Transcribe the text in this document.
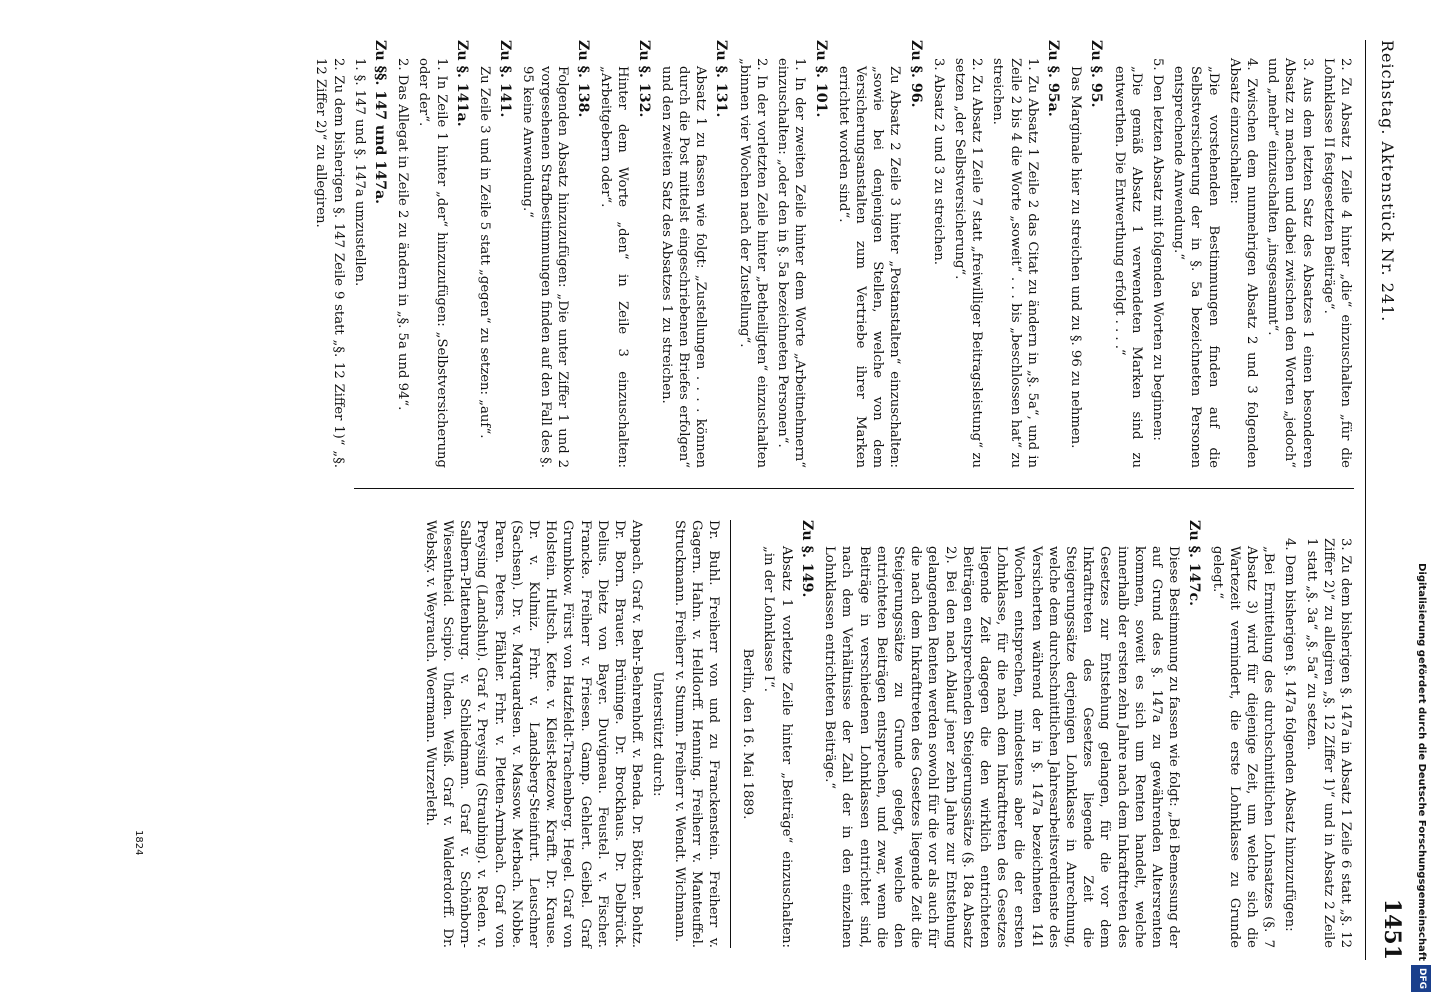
Digitalisierung gefördert durch die Deutsche Forschungsgemeinschaft
DFG
Reichstag. Aktenstück Nr. 241.
1451
2. Zu Absatz 1 Zeile 4 hinter „die“ einzuschalten „für die Lohnklasse II festgesetzten Beiträge“.
3. Aus dem letzten Satz des Absatzes 1 einen besonderen Absatz zu machen und dabei zwischen den Worten „jedoch“ und „mehr“ einzuschalten „insgesammt“.
4. Zwischen dem nunmehrigen Absatz 2 und 3 folgenden Absatz einzuschalten:
„Die vorstehenden Bestimmungen finden auf die Selbstversicherung der in §. 5a bezeichneten Personen entsprechende Anwendung.“
5. Den letzten Absatz mit folgenden Worten zu beginnen:
„Die gemäß Absatz 1 verwendeten Marken sind zu entwerthen. Die Entwerthung erfolgt . . . .“
Zu §. 95.
Das Marginale hier zu streichen und zu §. 96 zu nehmen.
Zu §. 95a.
1. Zu Absatz 1 Zeile 2 das Citat zu ändern in „§. 5a“, und in Zeile 2 bis 4 die Worte „soweit“ . . . bis „beschlossen hat“ zu streichen.
2. Zu Absatz 1 Zeile 7 statt „freiwilliger Beitragsleistung“ zu setzen „der Selbstversicherung“.
3. Absatz 2 und 3 zu streichen.
Zu §. 96.
Zu Absatz 2 Zeile 3 hinter „Postanstalten“ einzuschalten: „sowie bei denjenigen Stellen, welche von dem Versicherungsanstalten zum Vertriebe ihrer Marken errichtet worden sind“.
Zu §. 101.
1. In der zweiten Zeile hinter dem Worte „Arbeitnehmern“ einzuschalten: „oder den in §. 5a bezeichneten Personen“.
2. In der vorletzten Zeile hinter „Betheiligten“ einzuschalten „binnen vier Wochen nach der Zustellung“.
Zu §. 131.
Absatz 1 zu fassen wie folgt: „Zustellungen . . . . können durch die Post mittelst eingeschriebenen Briefes erfolgen“ und den zweiten Satz des Absatzes 1 zu streichen.
Zu §. 132.
Hinter dem Worte „den“ in Zeile 3 einzuschalten: „Arbeitgebern oder“.
Zu §. 138.
Folgenden Absatz hinzuzufügen: „Die unter Ziffer 1 und 2 vorgesehenen Strafbestimmungen finden auf den Fall des §. 95 keine Anwendung.“
Zu §. 141.
Zu Zeile 3 und in Zeile 5 statt „gegen“ zu setzen: „auf“.
Zu §. 141a.
1. In Zeile 1 hinter „der“ hinzuzufügen: „Selbstversicherung oder der“.
2. Das Allegat in Zeile 2 zu ändern in „§. 5a und 94“.
Zu §§. 147 und 147a.
1. §. 147 und §. 147a umzustellen.
2. Zu dem bisherigen §. 147 Zeile 9 statt „§. 12 Ziffer 1)“ „§. 12 Ziffer 2)“ zu allegiren.
3. Zu dem bisherigen §. 147a in Absatz 1 Zeile 6 statt „§. 12 Ziffer 2)“ zu allegiren „§. 12 Ziffer 1)“ und in Absatz 2 Zeile 1 statt „§. 3a“ „§. 5a“ zu setzen.
4. Dem bisherigen §. 147a folgenden Absatz hinzuzufügen:
„Bei Ermittelung des durchschnittlichen Lohnsatzes (§. 7 Absatz 3) wird für diejenige Zeit, um welche sich die Wartezeit vermindert, die erste Lohnklasse zu Grunde gelegt.“
Zu §. 147c.
Diese Bestimmung zu fassen wie folgt: „Bei Bemessung der auf Grund des §. 147a zu gewährenden Altersrenten kommen, soweit es sich um Renten handelt, welche innerhalb der ersten zehn Jahre nach dem Inkrafttreten des Gesetzes zur Entstehung gelangen, für die vor dem Inkrafttreten des Gesetzes liegende Zeit die Steigerungssätze derjenigen Lohnklasse in Anrechnung, welche dem durchschnittlichen Jahresarbeitsverdienste des Versicherten während der in §. 147a bezeichneten 141 Wochen entsprechen, mindestens aber die der ersten Lohnklasse, für die nach dem Inkrafttreten des Gesetzes liegende Zeit dagegen die den wirklich entrichteten Beiträgen entsprechenden Steigerungssätze (§. 18a Absatz 2). Bei den nach Ablauf jener zehn Jahre zur Entstehung gelangenden Renten werden sowohl für die vor als auch für die nach dem Inkrafttreten des Gesetzes liegende Zeit die Steigerungssätze zu Grunde gelegt, welche den entrichteten Beiträgen entsprechen, und zwar, wenn die Beiträge in verschiedenen Lohnklassen entrichtet sind, nach dem Verhältnisse der Zahl der in den einzelnen Lohnklassen entrichteten Beiträge.“
Zu §. 149.
Absatz 1 vorletzte Zeile hinter „Beiträge“ einzuschalten: „in der Lohnklasse I“.
Berlin, den 16. Mai 1889.
Dr. Buhl. Freiherr von und zu Franckenstein. Freiherr v. Gagern. Hahn. v. Helldorff. Henning. Freiherr v. Manteuffel. Struckmann. Freiherr v. Stumm. Freiherr v. Wendt. Wichmann.
Unterstützt durch:
Anpach. Graf v. Behr-Behrenhoff. v. Benda. Dr. Böttcher. Bohtz. Dr. Born. Brauer. Brüninge. Dr. Brockhaus. Dr. Delbrück. Delius. Dietz von Bayer. Duvigneau. Feustel. v. Fischer. Francke. Freiherr v. Friesen. Gamp. Gehlert. Geibel. Graf Grumbkow. Fürst von Hatzfeldt-Trachenberg. Hegel. Graf von Holstein. Hultsch. Kette. v. Kleist-Retzow. Krafft. Dr. Krause. Dr. v. Kulmiz. Frhr. v. Landsberg-Steinfurt. Leuschner (Sachsen). Dr. v. Marquardsen. v. Massow. Merbach. Nobbe. Paren. Peters. Pfähler. Frhr. v. Pletten-Armbach. Graf von Preysing (Landshut). Graf v. Preysing (Straubing). v. Reden. v. Salbern-Plattenburg. v. Schliedmann. Graf v. Schönborn-Wiesentheid. Scipio. Uhden. Weiß. Graf v. Walderdorff. Dr. Websky. v. Weyrauch. Woermann. Wurzerleth.
1824
